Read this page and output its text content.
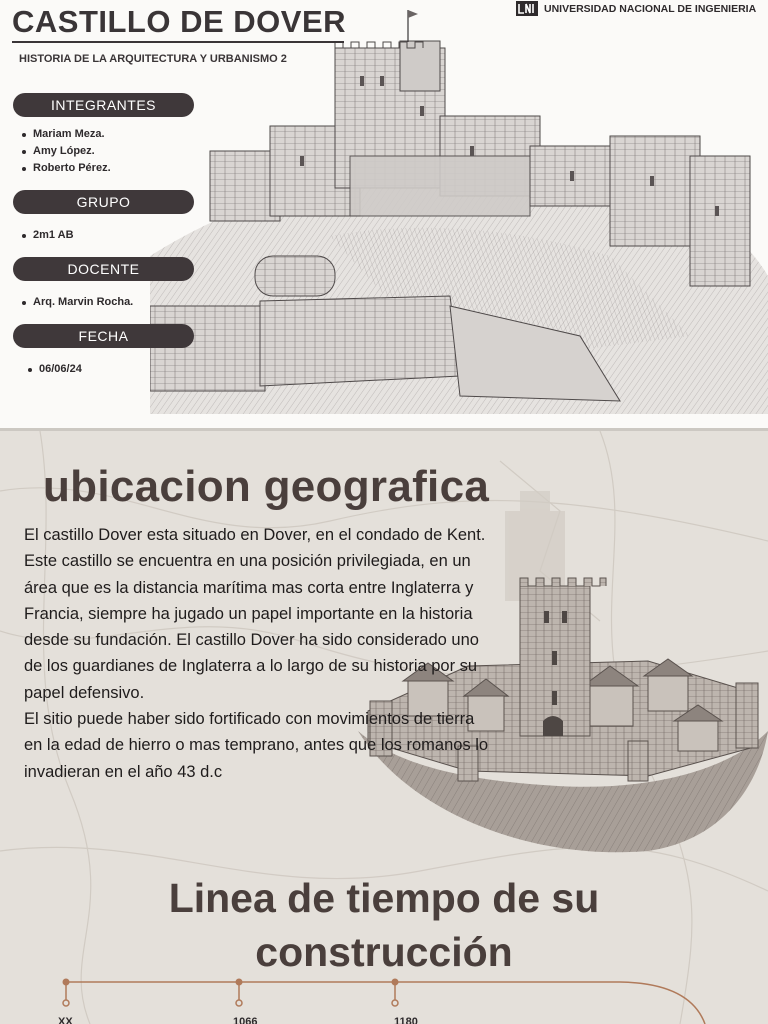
CASTILLO DE DOVER
HISTORIA DE LA ARQUITECTURA Y URBANISMO 2
UNIVERSIDAD NACIONAL DE INGENIERIA
INTEGRANTES
Mariam Meza.
Amy López.
Roberto Pérez.
GRUPO
2m1 AB
DOCENTE
Arq. Marvin Rocha.
FECHA
06/06/24
ubicacion geografica

El castillo Dover esta situado en Dover, en el condado de Kent. Este castillo se encuentra en una posición privilegiada, en un área que es la distancia marítima mas corta entre Inglaterra y Francia, siempre ha jugado un papel importante en la historia desde su fundación. El castillo Dover ha sido considerado uno de los guardianes de Inglaterra a lo largo de su historia por su papel defensivo.

El sitio puede haber sido fortificado con movimientos de tierra en la edad de hierro o mas temprano, antes que los romanos lo invadieran en el año 43 d.c

Linea de tiempo de su
construcción
XX	1066	1180
